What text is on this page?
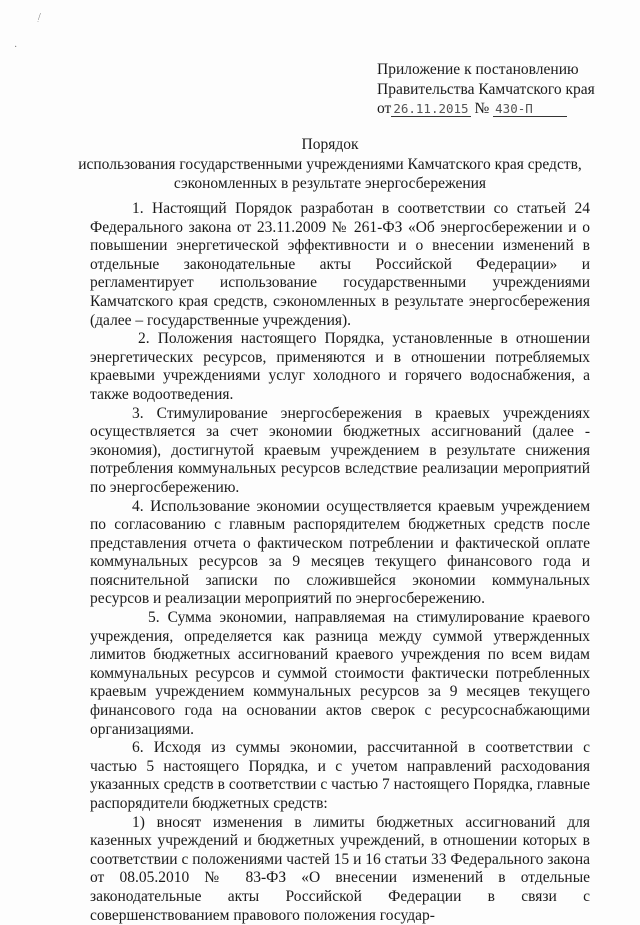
ׅ/
·
Приложение к постановлению
Правительства Камчатского края
от 26.11.2015 № 430-П
Порядок
использования государственными учреждениями Камчатского края средств,
сэкономленных в результате энергосбережения

1. Настоящий Порядок разработан в соответствии со статьей 24 Федерального закона от 23.11.2009 № 261-ФЗ «Об энергосбережении и о повышении энергетической эффективности и о внесении изменений в отдельные законодательные акты Российской Федерации» и регламентирует использование государственными учреждениями Камчатского края средств, сэкономленных в результате энергосбережения (далее – государственные учреждения).

2. Положения настоящего Порядка, установленные в отношении энергетических ресурсов, применяются и в отношении потребляемых краевыми учреждениями услуг холодного и горячего водоснабжения, а также водоотведения.

3. Стимулирование энергосбережения в краевых учреждениях осуществляется за счет экономии бюджетных ассигнований (далее - экономия), достигнутой краевым учреждением в результате снижения потребления коммунальных ресурсов вследствие реализации мероприятий по энергосбережению.

4. Использование экономии осуществляется краевым учреждением по согласованию с главным распорядителем бюджетных средств после представления отчета о фактическом потреблении и фактической оплате коммунальных ресурсов за 9 месяцев текущего финансового года и пояснительной записки по сложившейся экономии коммунальных ресурсов и реализации мероприятий по энергосбережению.

5. Сумма экономии, направляемая на стимулирование краевого учреждения, определяется как разница между суммой утвержденных лимитов бюджетных ассигнований краевого учреждения по всем видам коммунальных ресурсов и суммой стоимости фактически потребленных краевым учреждением коммунальных ресурсов за 9 месяцев текущего финансового года на основании актов сверок с ресурсоснабжающими организациями.

6. Исходя из суммы экономии, рассчитанной в соответствии с частью 5 настоящего Порядка, и с учетом направлений расходования указанных средств в соответствии с частью 7 настоящего Порядка, главные распорядители бюджетных средств:

1) вносят изменения в лимиты бюджетных ассигнований для казенных учреждений и бюджетных учреждений, в отношении которых в соответствии с положениями частей 15 и 16 статьи 33 Федерального закона от 08.05.2010 № 83-ФЗ «О внесении изменений в отдельные законодательные акты Российской Федерации в связи с совершенствованием правового положения государ-
